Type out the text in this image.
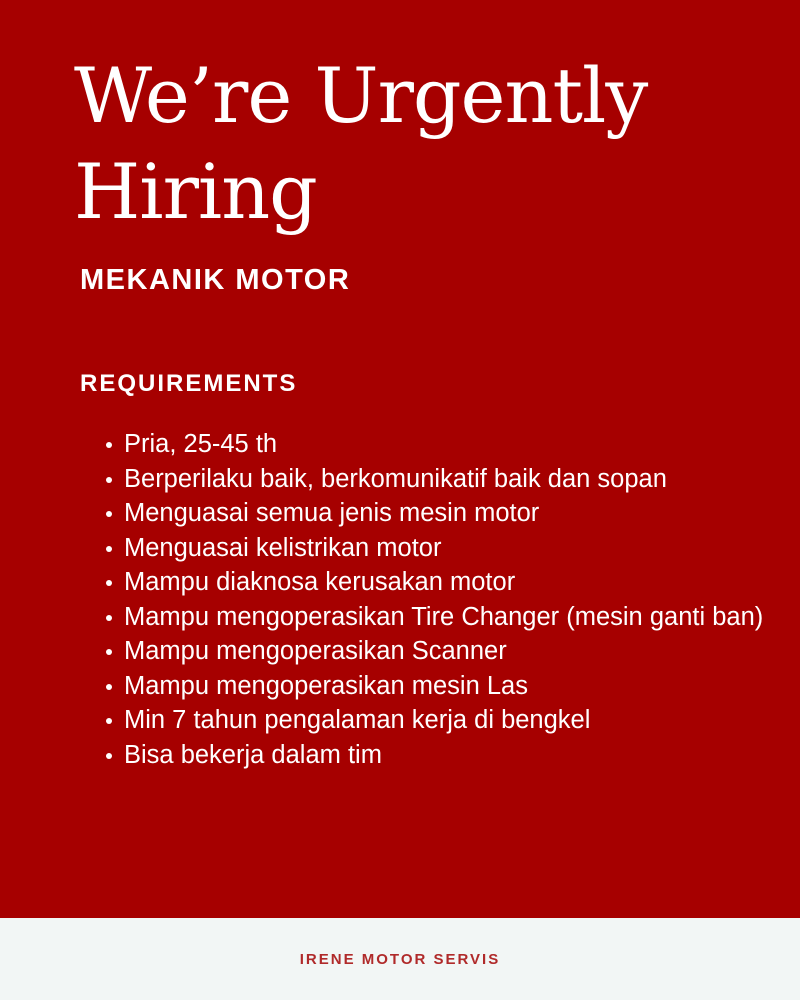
We’re Urgently
Hiring
MEKANIK MOTOR
REQUIREMENTS
Pria, 25-45 th
Berperilaku baik, berkomunikatif baik dan sopan
Menguasai semua jenis mesin motor
Menguasai kelistrikan motor
Mampu diaknosa kerusakan motor
Mampu mengoperasikan Tire Changer (mesin ganti ban)
Mampu mengoperasikan Scanner
Mampu mengoperasikan mesin Las
Min 7 tahun pengalaman kerja di bengkel
Bisa bekerja dalam tim

IRENE MOTOR SERVIS
